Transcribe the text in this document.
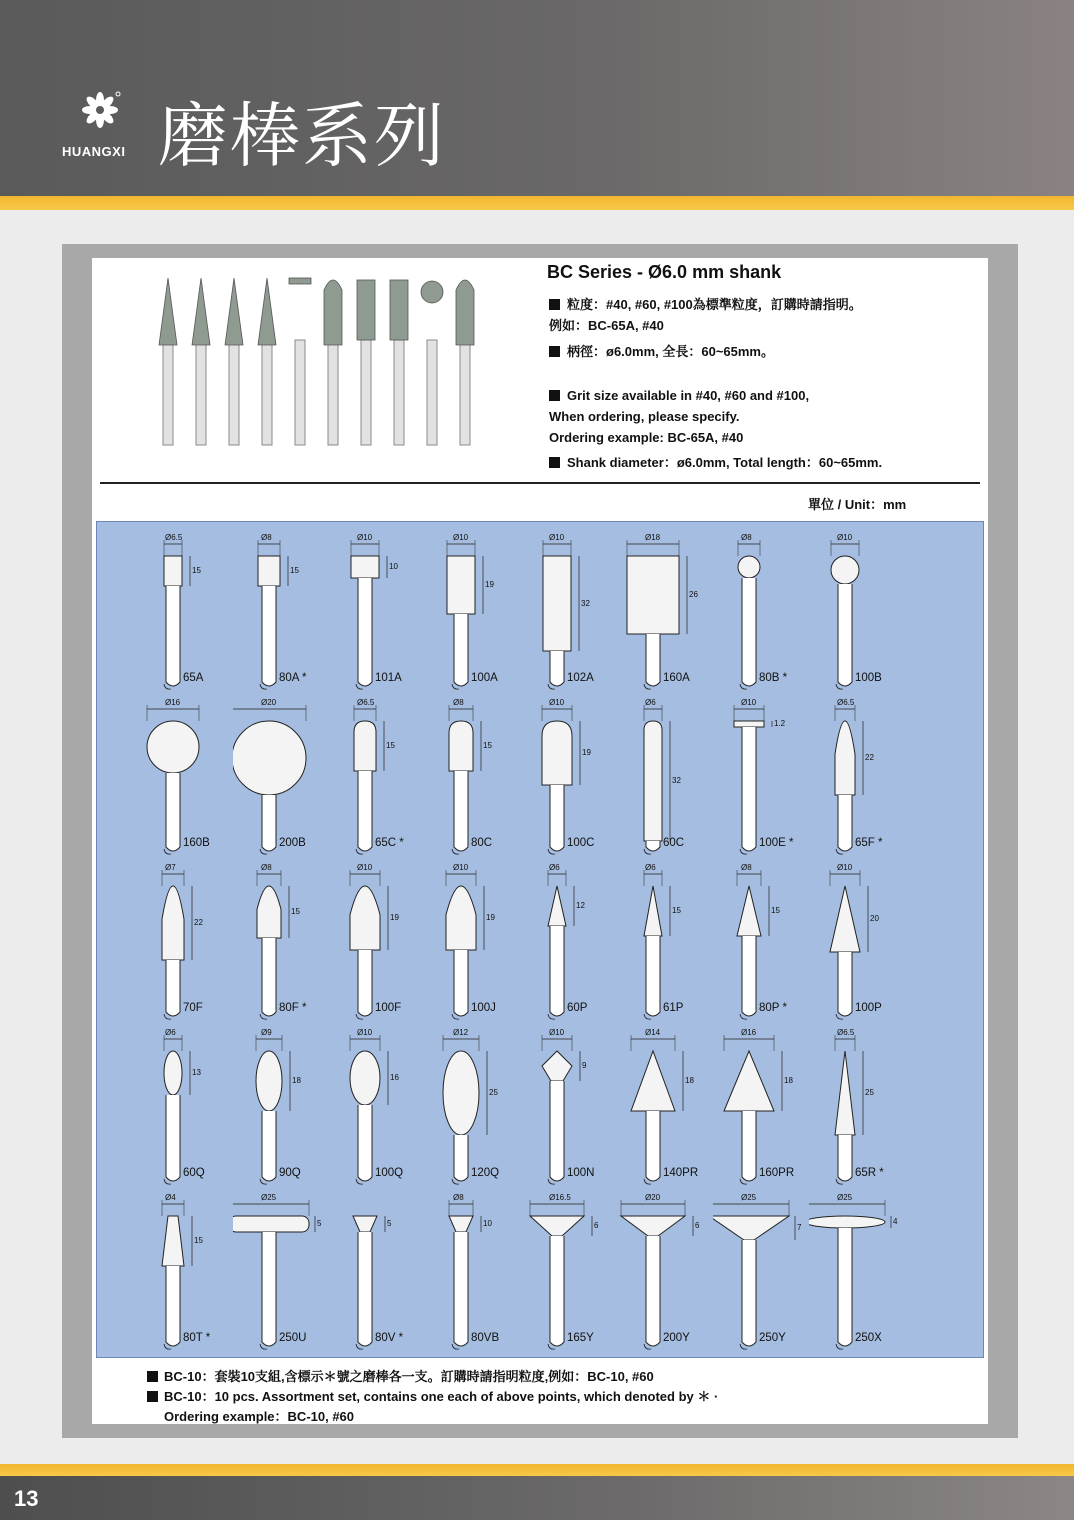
HUANGXI 磨棒系列
BC Series - Ø6.0 mm shank
粒度：#40, #60, #100為標準粒度，訂購時請指明。
例如：BC-65A, #40
柄徑：ø6.0mm, 全長：60~65mm。
Grit size available in #40, #60 and #100,
When ordering, please specify.
Ordering example: BC-65A, #40
Shank diameter：ø6.0mm, Total length：60~65mm.
單位 / Unit：mm
Ø6.5
15
65A
Ø8
15
80A *
Ø10
10
101A
Ø10
19
100A
Ø10
32
102A
Ø18
26
160A
Ø8
80B *
Ø10
100B
Ø16
160B
Ø20
200B
Ø6.5
15
65C *
Ø8
15
80C
Ø10
19
100C
Ø6
32
60C
Ø10
1.2
100E *
Ø6.5
22
65F *
Ø7
22
70F
Ø8
15
80F *
Ø10
19
100F
Ø10
19
100J
Ø6
12
60P
Ø6
15
61P
Ø8
15
80P *
Ø10
20
100P
Ø6
13
60Q
Ø9
18
90Q
Ø10
16
100Q
Ø12
25
120Q
Ø10
9
100N
Ø14
18
140PR
Ø16
18
160PR
Ø6.5
25
65R *
Ø4
15
80T *
Ø25
5
250U
5
80V *
Ø8
10
80VB
Ø16.5
6
165Y
Ø20
6
200Y
Ø25
7
250Y
Ø25
4
250X
BC-10：套裝10支組,含標示＊號之磨棒各一支。訂購時請指明粒度,例如：BC-10, #60
BC-10：10 pcs. Assortment set, contains one each of above points, which denoted by ＊ ·
Ordering example：BC-10, #60
13
